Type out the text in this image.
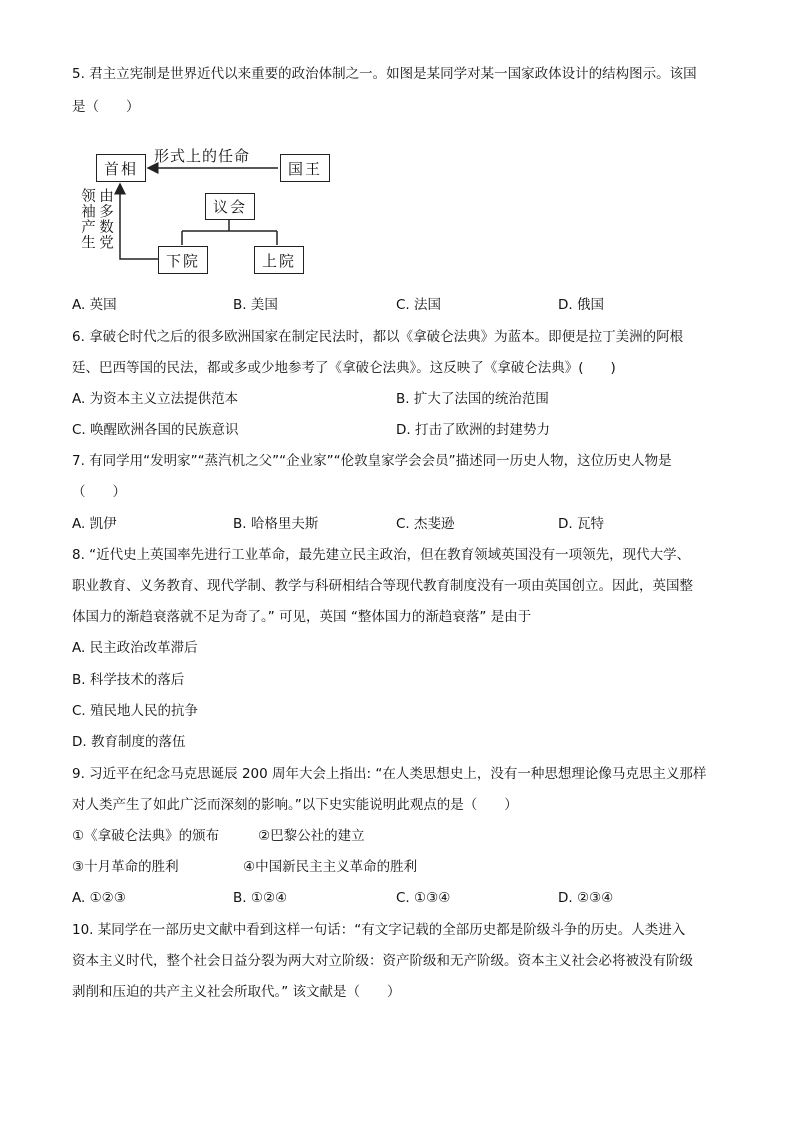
5. 君主立宪制是世界近代以来重要的政治体制之一。如图是某同学对某一国家政体设计的结构图示。该国
是（　　）
首相
形式上的任命
国王
议会
下院	上院
由多数党
领袖产生
A. 英国	B. 美国	C. 法国	D. 俄国
6. 拿破仑时代之后的很多欧洲国家在制定民法时，都以《拿破仑法典》为蓝本。即便是拉丁美洲的阿根
廷、巴西等国的民法，都或多或少地参考了《拿破仑法典》。这反映了《拿破仑法典》(　　)
A. 为资本主义立法提供范本	B. 扩大了法国的统治范围
C. 唤醒欧洲各国的民族意识	D. 打击了欧洲的封建势力
7. 有同学用“发明家”“蒸汽机之父”“企业家”“伦敦皇家学会会员”描述同一历史人物，这位历史人物是
（　　）
A. 凯伊	B. 哈格里夫斯	C. 杰斐逊	D. 瓦特
8. “近代史上英国率先进行工业革命，最先建立民主政治，但在教育领域英国没有一项领先，现代大学、
职业教育、义务教育、现代学制、教学与科研相结合等现代教育制度没有一项由英国创立。因此，英国整
体国力的渐趋衰落就不足为奇了。” 可见，英国 “整体国力的渐趋衰落” 是由于
A. 民主政治改革滞后
B. 科学技术的落后
C. 殖民地人民的抗争
D. 教育制度的落伍
9. 习近平在纪念马克思诞辰 200 周年大会上指出: “在人类思想史上，没有一种思想理论像马克思主义那样
对人类产生了如此广泛而深刻的影响。”以下史实能说明此观点的是（　　）
①《拿破仑法典》的颁布	②巴黎公社的建立
③十月革命的胜利	④中国新民主主义革命的胜利
A. ①②③	B. ①②④	C. ①③④	D. ②③④
10. 某同学在一部历史文献中看到这样一句话：“有文字记载的全部历史都是阶级斗争的历史。人类进入
资本主义时代，整个社会日益分裂为两大对立阶级：资产阶级和无产阶级。资本主义社会必将被没有阶级
剥削和压迫的共产主义社会所取代。” 该文献是（　　）
